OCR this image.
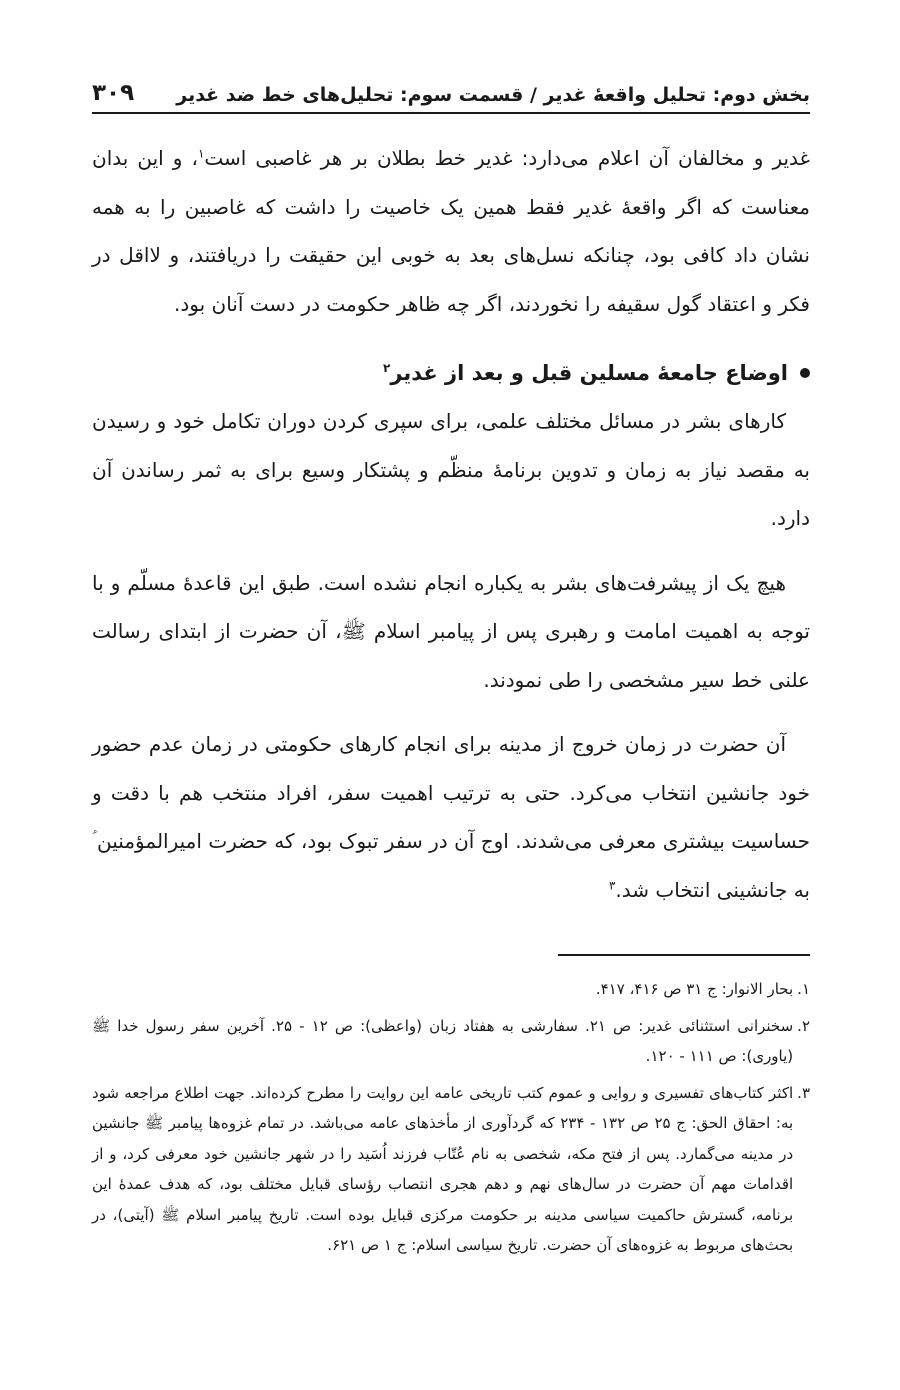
بخش دوم: تحلیل واقعهٔ غدیر / قسمت سوم: تحلیل‌های خط ضد غدیر
۳۰۹

غدیر و مخالفان آن اعلام می‌دارد: غدیر خط بطلان بر هر غاصبی است$^۱$، و این بدان معناست که اگر واقعهٔ غدیر فقط همین یک خاصیت را داشت که غاصبین را به همه نشان داد کافی بود، چنانکه نسل‌های بعد به خوبی این حقیقت را دریافتند، و لااقل در فکر و اعتقاد گول سقیفه را نخوردند، اگر چه ظاهر حکومت در دست آنان بود.

اوضاع جامعهٔ مسلین قبل و بعد از غدیر$^۲$

کارهای بشر در مسائل مختلف علمی، برای سپری کردن دوران تکامل خود و رسیدن به مقصد نیاز به زمان و تدوین برنامهٔ منظّم و پشتکار وسیع برای به ثمر رساندن آن دارد.

هیچ یک از پیشرفت‌های بشر به یکباره انجام نشده است. طبق این قاعدهٔ مسلّم و با توجه به اهمیت امامت و رهبری پس از پیامبر اسلام ﷺ، آن حضرت از ابتدای رسالت علنی خط سیر مشخصی را طی نمودند.

آن حضرت در زمان خروج از مدینه برای انجام کارهای حکومتی در زمان عدم حضور خود جانشین انتخاب می‌کرد. حتی به ترتیب اهمیت سفر، افراد منتخب هم با دقت و حساسیت بیشتری معرفی می‌شدند. اوج آن در سفر تبوک بود، که حضرت امیرالمؤمنین ؑ به جانشینی انتخاب شد.$^۳$

۱.
بحار الانوار: ج ۳۱ ص ۴۱۶، ۴۱۷.

۲.
سخنرانی استثنائی غدیر: ص ۲۱. سفارشی به هفتاد زبان (واعظی): ص ۱۲ - ۲۵. آخرین سفر رسول خدا ﷺ (یاوری): ص ۱۱۱ - ۱۲۰.

۳.
اکثر کتاب‌های تفسیری و روایی و عموم کتب تاریخی عامه این روایت را مطرح کرده‌اند. جهت اطلاع مراجعه شود به: احقاق الحق: ج ۲۵ ص ۱۳۲ - ۲۳۴ که گردآوری از مأخذهای عامه می‌باشد. در تمام غزوه‌ها پیامبر ﷺ جانشین در مدینه می‌گمارد. پس از فتح مکه، شخصی به نام عُتّاب فرزند اُسَید را در شهر جانشین خود معرفی کرد، و از اقدامات مهم آن حضرت در سال‌های نهم و دهم هجری انتصاب رؤسای قبایل مختلف بود، که هدف عمدهٔ این برنامه، گسترش حاکمیت سیاسی مدینه بر حکومت مرکزی قبایل بوده است. تاریخ پیامبر اسلام ﷺ (آیتی)، در بحث‌های مربوط به غزوه‌های آن حضرت. تاریخ سیاسی اسلام: ج ۱ ص ۶۲۱.
